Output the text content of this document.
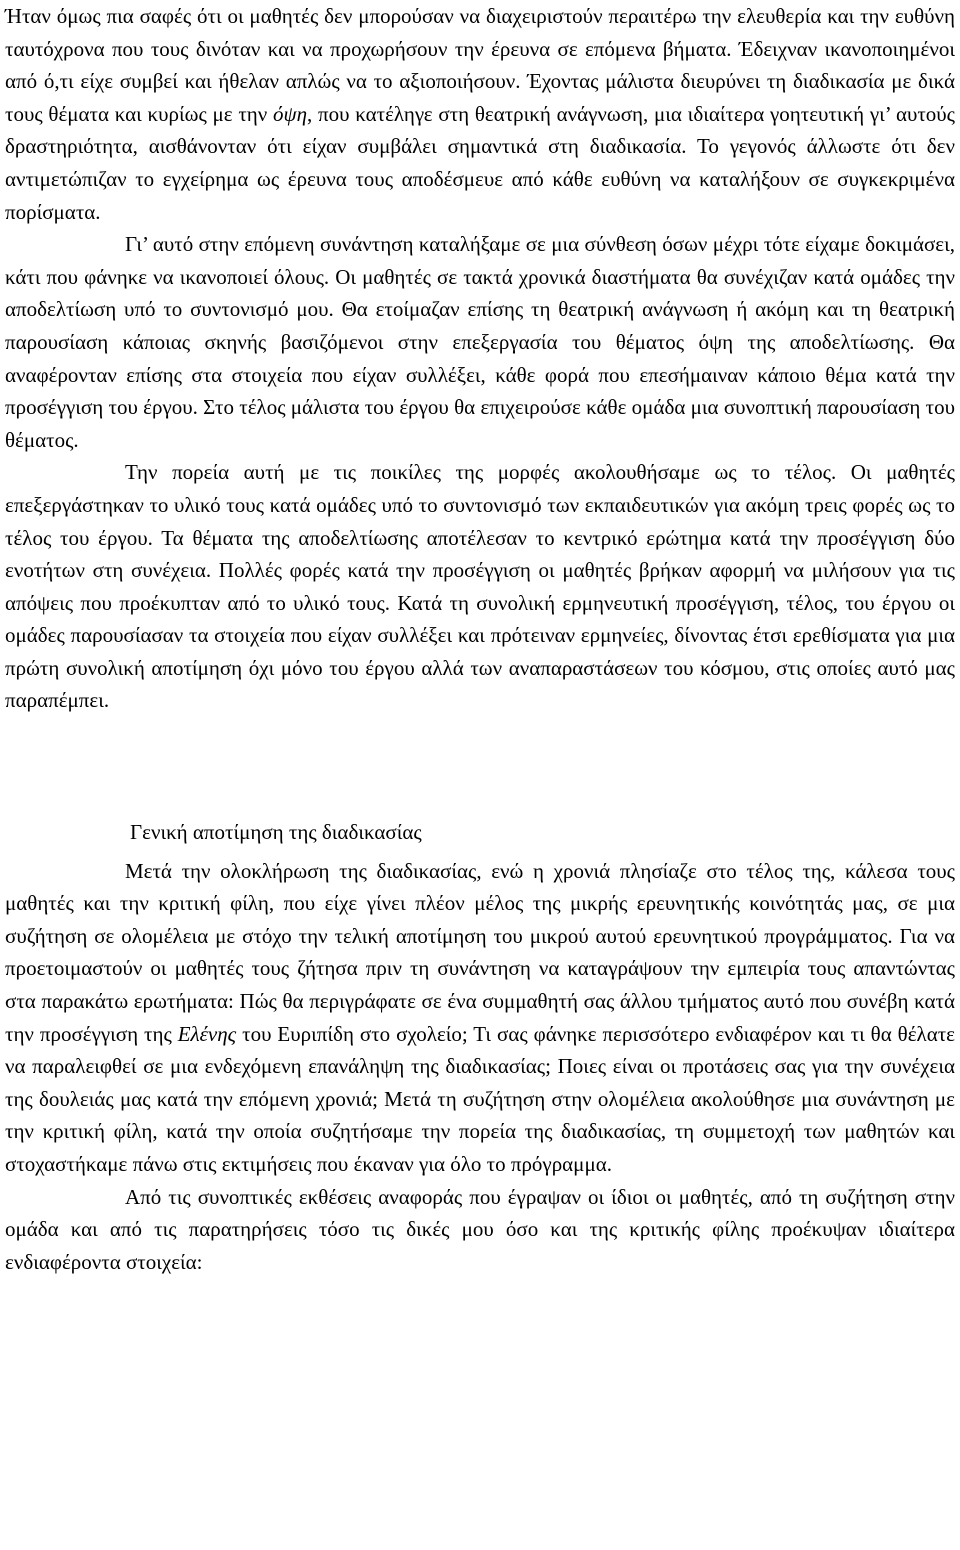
Ήταν όμως πια σαφές ότι οι μαθητές δεν μπορούσαν να διαχειριστούν περαιτέρω την ελευθερία και την ευθύνη ταυτόχρονα που τους δινόταν και να προχωρήσουν την έρευνα σε επόμενα βήματα. Έδειχναν ικανοποιημένοι από ό,τι είχε συμβεί και ήθελαν απλώς να το αξιοποιήσουν. Έχοντας μάλιστα διευρύνει τη διαδικασία με δικά τους θέματα και κυρίως με την όψη, που κατέληγε στη θεατρική ανάγνωση, μια ιδιαίτερα γοητευτική γι’ αυτούς δραστηριότητα, αισθάνονταν ότι είχαν συμβάλει σημαντικά στη διαδικασία. Το γεγονός άλλωστε ότι δεν αντιμετώπιζαν το εγχείρημα ως έρευνα τους αποδέσμευε από κάθε ευθύνη να καταλήξουν σε συγκεκριμένα πορίσματα.

Γι’ αυτό στην επόμενη συνάντηση καταλήξαμε σε μια σύνθεση όσων μέχρι τότε είχαμε δοκιμάσει, κάτι που φάνηκε να ικανοποιεί όλους. Οι μαθητές σε τακτά χρονικά διαστήματα θα συνέχιζαν κατά ομάδες την αποδελτίωση υπό το συντονισμό μου. Θα ετοίμαζαν επίσης τη θεατρική ανάγνωση ή ακόμη και τη θεατρική παρουσίαση κάποιας σκηνής βασιζόμενοι στην επεξεργασία του θέματος όψη της αποδελτίωσης. Θα αναφέρονταν επίσης στα στοιχεία που είχαν συλλέξει, κάθε φορά που επεσήμαιναν κάποιο θέμα κατά την προσέγγιση του έργου. Στο τέλος μάλιστα του έργου θα επιχειρούσε κάθε ομάδα μια συνοπτική παρουσίαση του θέματος.

Την πορεία αυτή με τις ποικίλες της μορφές ακολουθήσαμε ως το τέλος. Οι μαθητές επεξεργάστηκαν το υλικό τους κατά ομάδες υπό το συντονισμό των εκπαιδευτικών για ακόμη τρεις φορές ως το τέλος του έργου. Τα θέματα της αποδελτίωσης αποτέλεσαν το κεντρικό ερώτημα κατά την προσέγγιση δύο ενοτήτων στη συνέχεια. Πολλές φορές κατά την προσέγγιση οι μαθητές βρήκαν αφορμή να μιλήσουν για τις απόψεις που προέκυπταν από το υλικό τους. Κατά τη συνολική ερμηνευτική προσέγγιση, τέλος, του έργου οι ομάδες παρουσίασαν τα στοιχεία που είχαν συλλέξει και πρότειναν ερμηνείες, δίνοντας έτσι ερεθίσματα για μια πρώτη συνολική αποτίμηση όχι μόνο του έργου αλλά των αναπαραστάσεων του κόσμου, στις οποίες αυτό μας παραπέμπει.

Γενική αποτίμηση της διαδικασίας

Μετά την ολοκλήρωση της διαδικασίας, ενώ η χρονιά πλησίαζε στο τέλος της, κάλεσα τους μαθητές και την κριτική φίλη, που είχε γίνει πλέον μέλος της μικρής ερευνητικής κοινότητάς μας, σε μια συζήτηση σε ολομέλεια με στόχο την τελική αποτίμηση του μικρού αυτού ερευνητικού προγράμματος. Για να προετοιμαστούν οι μαθητές τους ζήτησα πριν τη συνάντηση να καταγράψουν την εμπειρία τους απαντώντας στα παρακάτω ερωτήματα: Πώς θα περιγράφατε σε ένα συμμαθητή σας άλλου τμήματος αυτό που συνέβη κατά την προσέγγιση της Ελένης του Ευριπίδη στο σχολείο; Τι σας φάνηκε περισσότερο ενδιαφέρον και τι θα θέλατε να παραλειφθεί σε μια ενδεχόμενη επανάληψη της διαδικασίας; Ποιες είναι οι προτάσεις σας για την συνέχεια της δουλειάς μας κατά την επόμενη χρονιά; Μετά τη συζήτηση στην ολομέλεια ακολούθησε μια συνάντηση με την κριτική φίλη, κατά την οποία συζητήσαμε την πορεία της διαδικασίας, τη συμμετοχή των μαθητών και στοχαστήκαμε πάνω στις εκτιμήσεις που έκαναν για όλο το πρόγραμμα.

Από τις συνοπτικές εκθέσεις αναφοράς που έγραψαν οι ίδιοι οι μαθητές, από τη συζήτηση στην ομάδα και από τις παρατηρήσεις τόσο τις δικές μου όσο και της κριτικής φίλης προέκυψαν ιδιαίτερα ενδιαφέροντα στοιχεία:
